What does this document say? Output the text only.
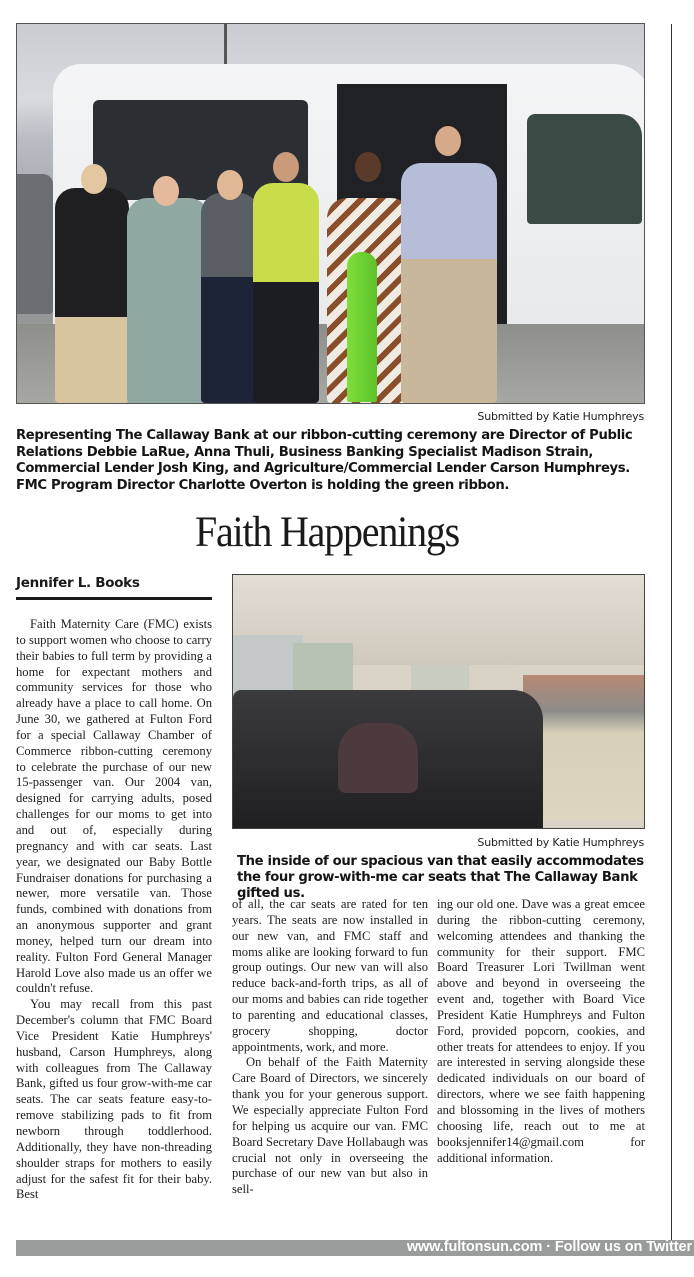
Submitted by Katie Humphreys
Representing The Callaway Bank at our ribbon-cutting ceremony are Director of Public Relations Debbie LaRue, Anna Thuli, Business Banking Specialist Madison Strain, Commercial Lender Josh King, and Agriculture/Commercial Lender Carson Humphreys. FMC Program Director Charlotte Overton is holding the green ribbon.
Faith Happenings
Jennifer L. Books

Faith Maternity Care (FMC) exists to support women who choose to carry their babies to full term by providing a home for expectant mothers and community services for those who already have a place to call home. On June 30, we gathered at Fulton Ford for a special Callaway Chamber of Commerce ribbon-cutting ceremony to celebrate the purchase of our new 15-passenger van. Our 2004 van, designed for carrying adults, posed challenges for our moms to get into and out of, especially during pregnancy and with car seats. Last year, we designated our Baby Bottle Fundraiser donations for purchasing a newer, more versatile van. Those funds, combined with donations from an anonymous supporter and grant money, helped turn our dream into reality. Fulton Ford General Manager Harold Love also made us an offer we couldn't refuse.

You may recall from this past December's column that FMC Board Vice President Katie Humphreys' husband, Carson Humphreys, along with colleagues from The Callaway Bank, gifted us four grow-with-me car seats. The car seats feature easy-to-remove stabilizing pads to fit from newborn through toddlerhood. Additionally, they have non-threading shoulder straps for mothers to easily adjust for the safest fit for their baby. Best

Submitted by Katie Humphreys
The inside of our spacious van that easily accommodates the four grow-with-me car seats that The Callaway Bank gifted us.

of all, the car seats are rated for ten years. The seats are now installed in our new van, and FMC staff and moms alike are looking forward to fun group outings. Our new van will also reduce back-and-forth trips, as all of our moms and babies can ride together to parenting and educational classes, grocery shopping, doctor appointments, work, and more.

On behalf of the Faith Maternity Care Board of Directors, we sincerely thank you for your generous support. We especially appreciate Fulton Ford for helping us acquire our van. FMC Board Secretary Dave Hollabaugh was crucial not only in overseeing the purchase of our new van but also in sell-

ing our old one. Dave was a great emcee during the ribbon-cutting ceremony, welcoming attendees and thanking the community for their support. FMC Board Treasurer Lori Twillman went above and beyond in overseeing the event and, together with Board Vice President Katie Humphreys and Fulton Ford, provided popcorn, cookies, and other treats for attendees to enjoy. If you are interested in serving alongside these dedicated individuals on our board of directors, where we see faith happening and blossoming in the lives of mothers choosing life, reach out to me at booksjennifer14@gmail.com for additional information.

www.fultonsun.com · Follow us on Twitter
